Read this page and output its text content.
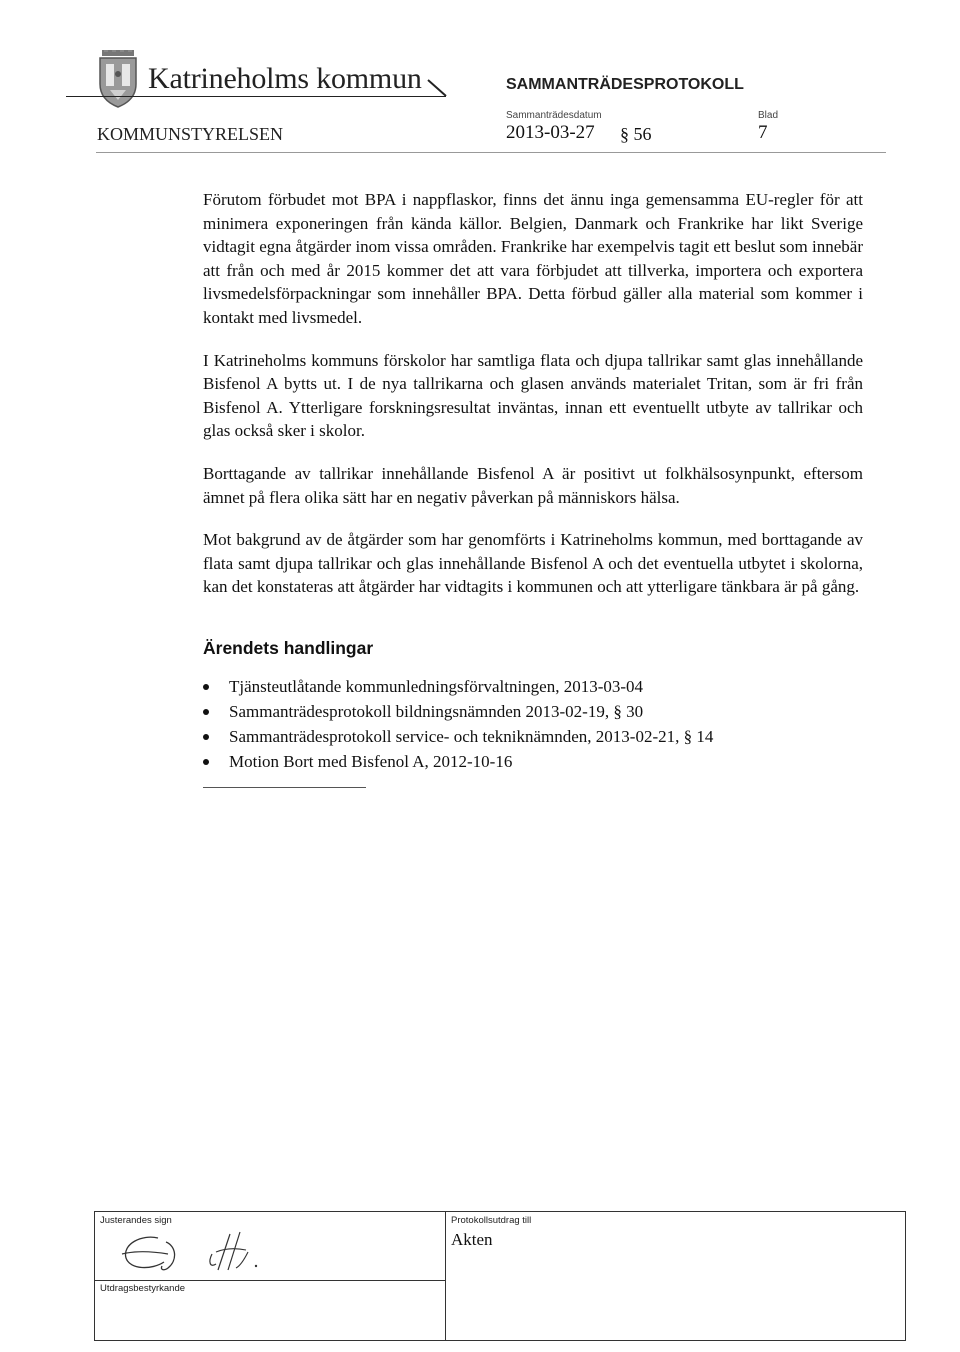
Katrineholms kommun	SAMMANTRÄDESPROTOKOLL
Sammanträdesdatum	Blad
KOMMUNSTYRELSEN	2013-03-27 § 56	7

Förutom förbudet mot BPA i nappflaskor, finns det ännu inga gemensamma EU-regler för att minimera exponeringen från kända källor. Belgien, Danmark och Frankrike har likt Sverige vidtagit egna åtgärder inom vissa områden. Frankrike har exempelvis tagit ett beslut som innebär att från och med år 2015 kommer det att vara förbjudet att tillverka, importera och exportera livsmedelsförpackningar som innehåller BPA. Detta förbud gäller alla material som kommer i kontakt med livsmedel.

I Katrineholms kommuns förskolor har samtliga flata och djupa tallrikar samt glas innehållande Bisfenol A bytts ut. I de nya tallrikarna och glasen används materialet Tritan, som är fri från Bisfenol A. Ytterligare forskningsresultat inväntas, innan ett eventuellt utbyte av tallrikar och glas också sker i skolor.

Borttagande av tallrikar innehållande Bisfenol A är positivt ut folkhälsosynpunkt, eftersom ämnet på flera olika sätt har en negativ påverkan på människors hälsa.

Mot bakgrund av de åtgärder som har genomförts i Katrineholms kommun, med borttagande av flata samt djupa tallrikar och glas innehållande Bisfenol A och det eventuella utbytet i skolorna, kan det konstateras att åtgärder har vidtagits i kommunen och att ytterligare tänkbara är på gång.

Ärendets handlingar
Tjänsteutlåtande kommunledningsförvaltningen, 2013-03-04
Sammanträdesprotokoll bildningsnämnden 2013-02-19, § 30
Sammanträdesprotokoll service- och tekniknämnden, 2013-02-21, § 14
Motion Bort med Bisfenol A, 2012-10-16
Justerandes sign
Utdragsbestyrkande
Protokollsutdrag till
Akten
